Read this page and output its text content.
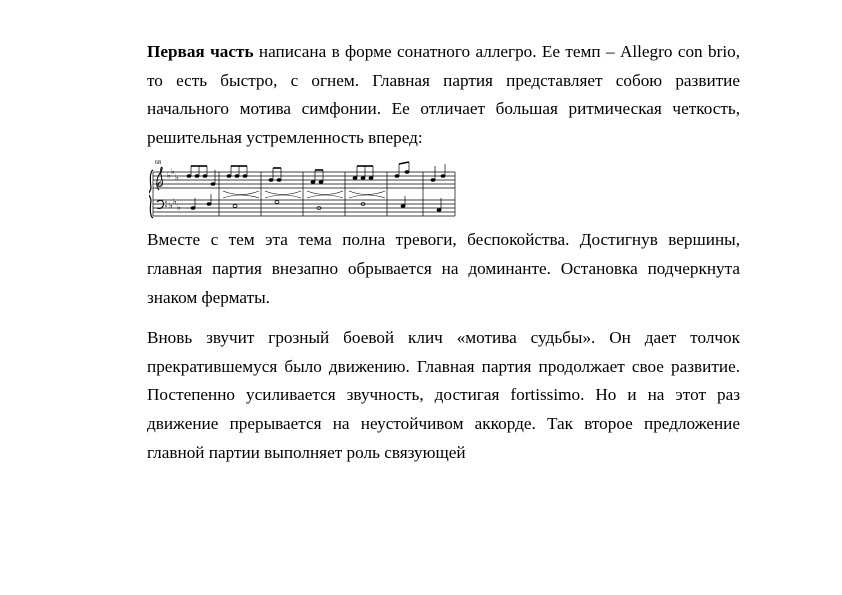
Первая часть написана в форме сонатного аллегро. Ее темп – Allegro con brio, то есть быстро, с огнем. Главная партия представляет собою развитие начального мотива симфонии. Ее отличает большая ритмическая четкость, решительная устремленность вперед:

68
♭ ♭
♭
♭ ♭
♭

Вместе с тем эта тема полна тревоги, беспокойства. Достигнув вершины, главная партия внезапно обрывается на доминанте. Остановка подчеркнута знаком ферматы.

Вновь звучит грозный боевой клич «мотива судьбы». Он дает толчок прекратившемуся было движению. Главная партия продолжает свое развитие. Постепенно усиливается звучность, достигая fortissimo. Но и на этот раз движение прерывается на неустойчивом аккорде. Так второе предложение главной партии выполняет роль связующей
